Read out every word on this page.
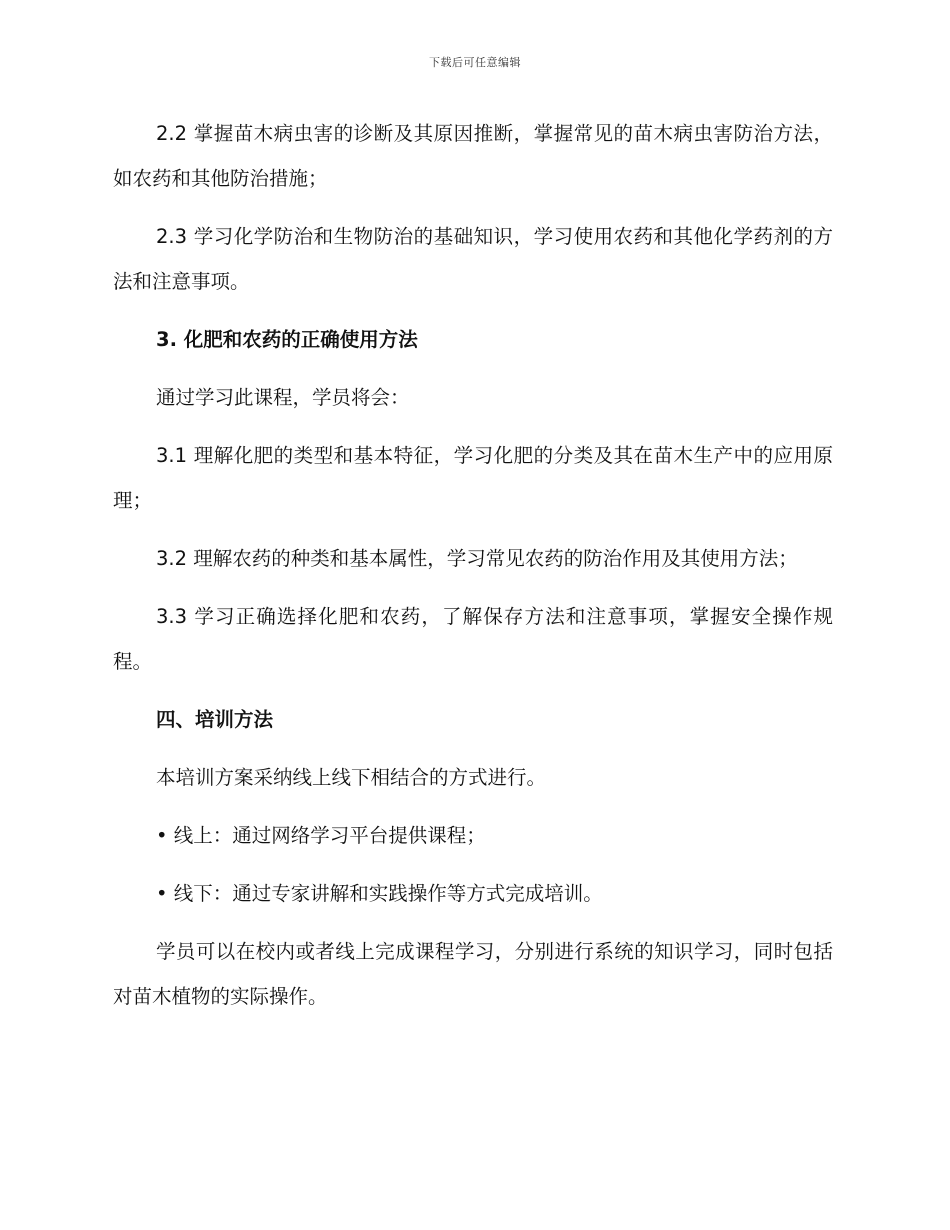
下载后可任意编辑

2.2 掌握苗木病虫害的诊断及其原因推断，掌握常见的苗木病虫害防治方法，如农药和其他防治措施；

2.3 学习化学防治和生物防治的基础知识，学习使用农药和其他化学药剂的方法和注意事项。

3. 化肥和农药的正确使用方法

通过学习此课程，学员将会：

3.1 理解化肥的类型和基本特征，学习化肥的分类及其在苗木生产中的应用原理；

3.2 理解农药的种类和基本属性，学习常见农药的防治作用及其使用方法；

3.3 学习正确选择化肥和农药，了解保存方法和注意事项，掌握安全操作规程。

四、培训方法

本培训方案采纳线上线下相结合的方式进行。

• 线上：通过网络学习平台提供课程；

• 线下：通过专家讲解和实践操作等方式完成培训。

学员可以在校内或者线上完成课程学习，分别进行系统的知识学习，同时包括对苗木植物的实际操作。
